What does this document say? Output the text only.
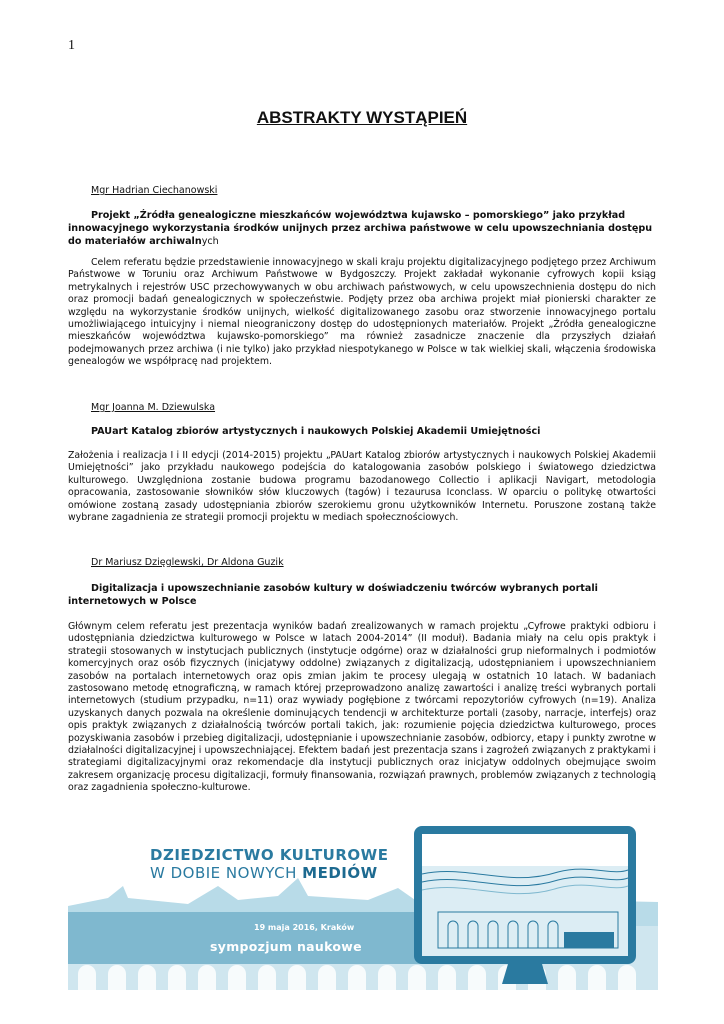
1
ABSTRAKTY WYSTĄPIEŃ
Mgr Hadrian Ciechanowski
Projekt „Źródła genealogiczne mieszkańców województwa kujawsko – pomorskiego” jako przykład innowacyjnego wykorzystania środków unijnych przez archiwa państwowe w celu upowszechniania dostępu do materiałów archiwalnych
Celem referatu będzie przedstawienie innowacyjnego w skali kraju projektu digitalizacyjnego podjętego przez Archiwum Państwowe w Toruniu oraz Archiwum Państwowe w Bydgoszczy. Projekt zakładał wykonanie cyfrowych kopii ksiąg metrykalnych i rejestrów USC przechowywanych w obu archiwach państwowych, w celu upowszechnienia dostępu do nich oraz promocji badań genealogicznych w społeczeństwie. Podjęty przez oba archiwa projekt miał pionierski charakter ze względu na wykorzystanie środków unijnych, wielkość digitalizowanego zasobu oraz stworzenie innowacyjnego portalu umożliwiającego intuicyjny i niemal nieograniczony dostęp do udostępnionych materiałów. Projekt „Źródła genealogiczne mieszkańców województwa kujawsko-pomorskiego” ma również zasadnicze znaczenie dla przyszłych działań podejmowanych przez archiwa (i nie tylko) jako przykład niespotykanego w Polsce w tak wielkiej skali, włączenia środowiska genealogów we współpracę nad projektem.
Mgr Joanna M. Dziewulska
PAUart Katalog zbiorów artystycznych i naukowych Polskiej Akademii Umiejętności
Założenia i realizacja I i II edycji (2014-2015) projektu „PAUart Katalog zbiorów artystycznych i naukowych Polskiej Akademii Umiejętności” jako przykładu naukowego podejścia do katalogowania zasobów polskiego i światowego dziedzictwa kulturowego. Uwzględniona zostanie budowa programu bazodanowego Collectio i aplikacji Navigart, metodologia opracowania, zastosowanie słowników słów kluczowych (tagów) i tezaurusa Iconclass. W oparciu o politykę otwartości omówione zostaną zasady udostępniania zbiorów szerokiemu gronu użytkowników Internetu. Poruszone zostaną także wybrane zagadnienia ze strategii promocji projektu w mediach społecznościowych.
Dr Mariusz Dzięglewski, Dr Aldona Guzik
Digitalizacja i upowszechnianie zasobów kultury w doświadczeniu twórców wybranych portali internetowych w Polsce
Głównym celem referatu jest prezentacja wyników badań zrealizowanych w ramach projektu „Cyfrowe praktyki odbioru i udostępniania dziedzictwa kulturowego w Polsce w latach 2004-2014” (II moduł). Badania miały na celu opis praktyk i strategii stosowanych w instytucjach publicznych (instytucje odgórne) oraz w działalności grup nieformalnych i podmiotów komercyjnych oraz osób fizycznych (inicjatywy oddolne) związanych z digitalizacją, udostępnianiem i upowszechnianiem zasobów na portalach internetowych oraz opis zmian jakim te procesy ulegają w ostatnich 10 latach. W badaniach zastosowano metodę etnograficzną, w ramach której przeprowadzono analizę zawartości i analizę treści wybranych portali internetowych (studium przypadku, n=11) oraz wywiady pogłębione z twórcami repozytoriów cyfrowych (n=19). Analiza uzyskanych danych pozwala na określenie dominujących tendencji w architekturze portali (zasoby, narracje, interfejs) oraz opis praktyk związanych z działalnością twórców portali takich, jak: rozumienie pojęcia dziedzictwa kulturowego, proces pozyskiwania zasobów i przebieg digitalizacji, udostępnianie i upowszechnianie zasobów, odbiorcy, etapy i punkty zwrotne w działalności digitalizacyjnej i upowszechniającej. Efektem badań jest prezentacja szans i zagrożeń związanych z praktykami i strategiami digitalizacyjnymi oraz rekomendacje dla instytucji publicznych oraz inicjatyw oddolnych obejmujące swoim zakresem organizację procesu digitalizacji, formuły finansowania, rozwiązań prawnych, problemów związanych z technologią oraz zagadnienia społeczno-kulturowe.
DZIEDZICTWO KULTUROWE
W DOBIE NOWYCH MEDIÓW
19 maja 2016, Kraków
sympozjum naukowe
